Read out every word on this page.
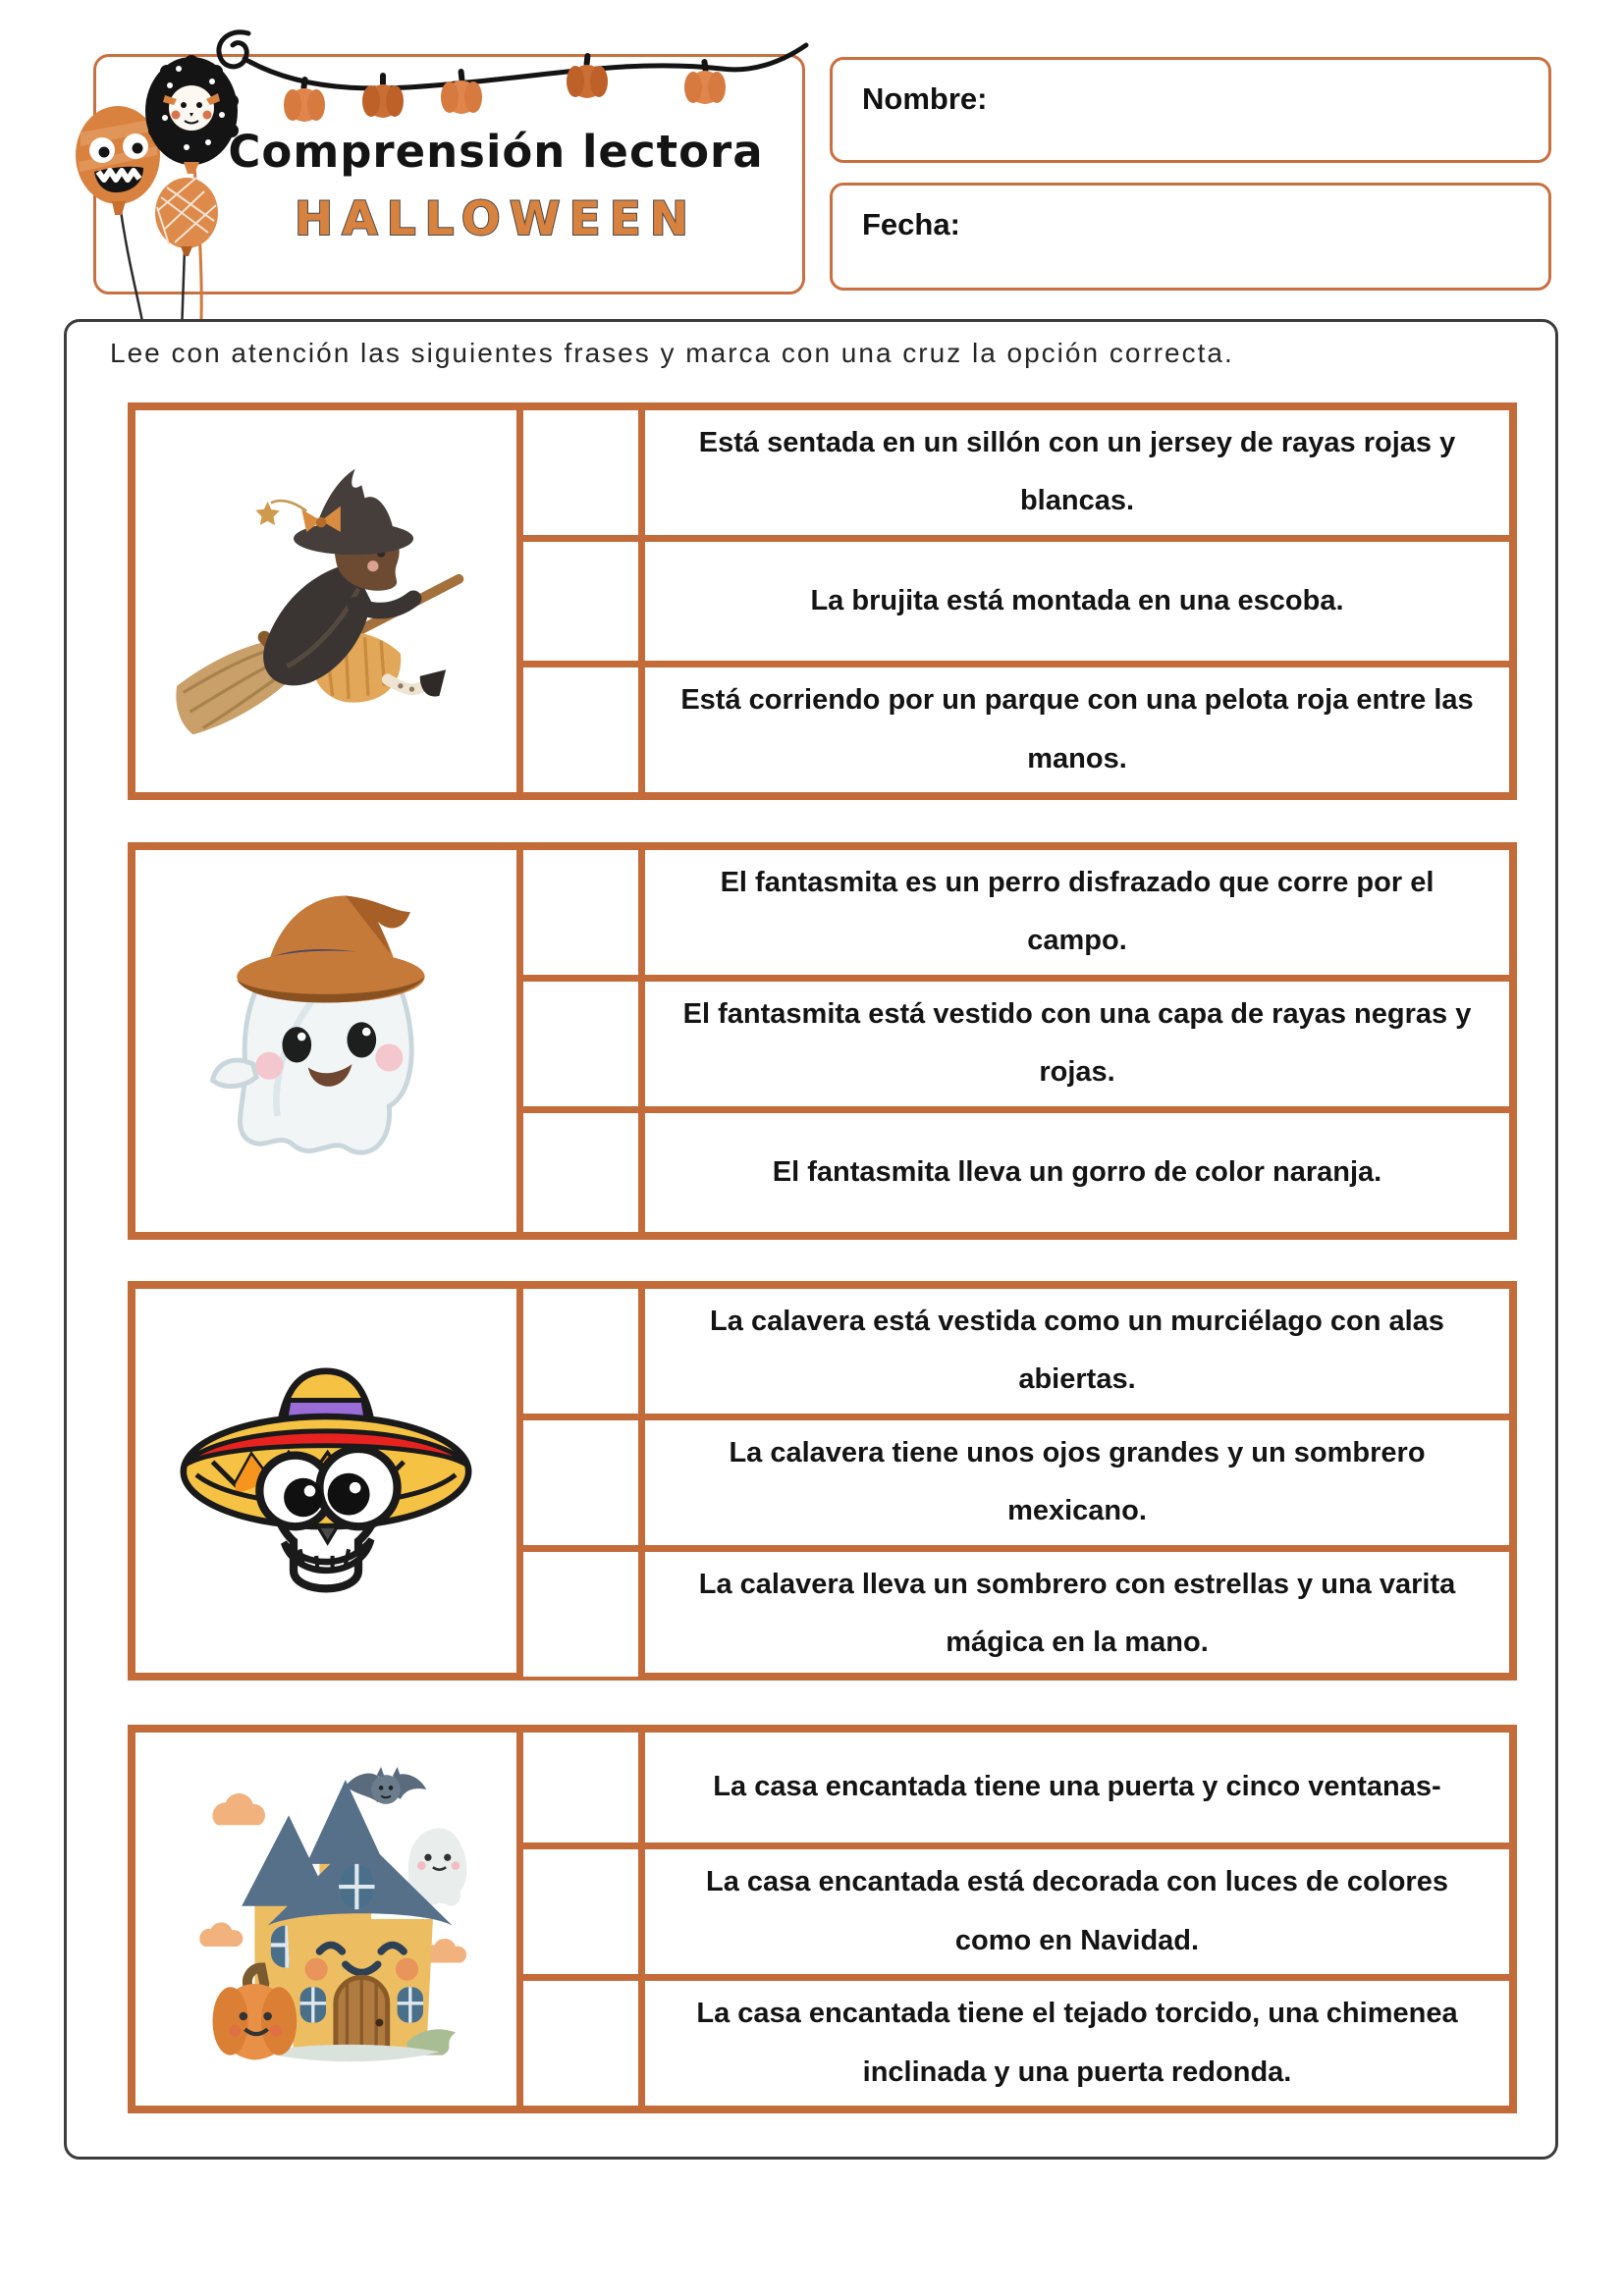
Comprensión lectora
HALLOWEEN
Nombre:
Fecha:
Lee con atención las siguientes frases y marca con una cruz la opción correcta.
Está sentada en un sillón con un jersey de rayas rojas y blancas.
La brujita está montada en una escoba.
Está corriendo por un parque con una pelota roja entre las manos.
El fantasmita es un perro disfrazado que corre por el campo.
El fantasmita está vestido con una capa de rayas negras y rojas.
El fantasmita lleva un gorro de color naranja.
La calavera está vestida como un murciélago con alas abiertas.
La calavera tiene unos ojos grandes y un sombrero mexicano.
La calavera lleva un sombrero con estrellas y una varita mágica en la mano.
La casa encantada tiene una puerta y cinco ventanas-
La casa encantada está decorada con luces de colores como en Navidad.
La casa encantada tiene el tejado torcido, una chimenea inclinada y una puerta redonda.
